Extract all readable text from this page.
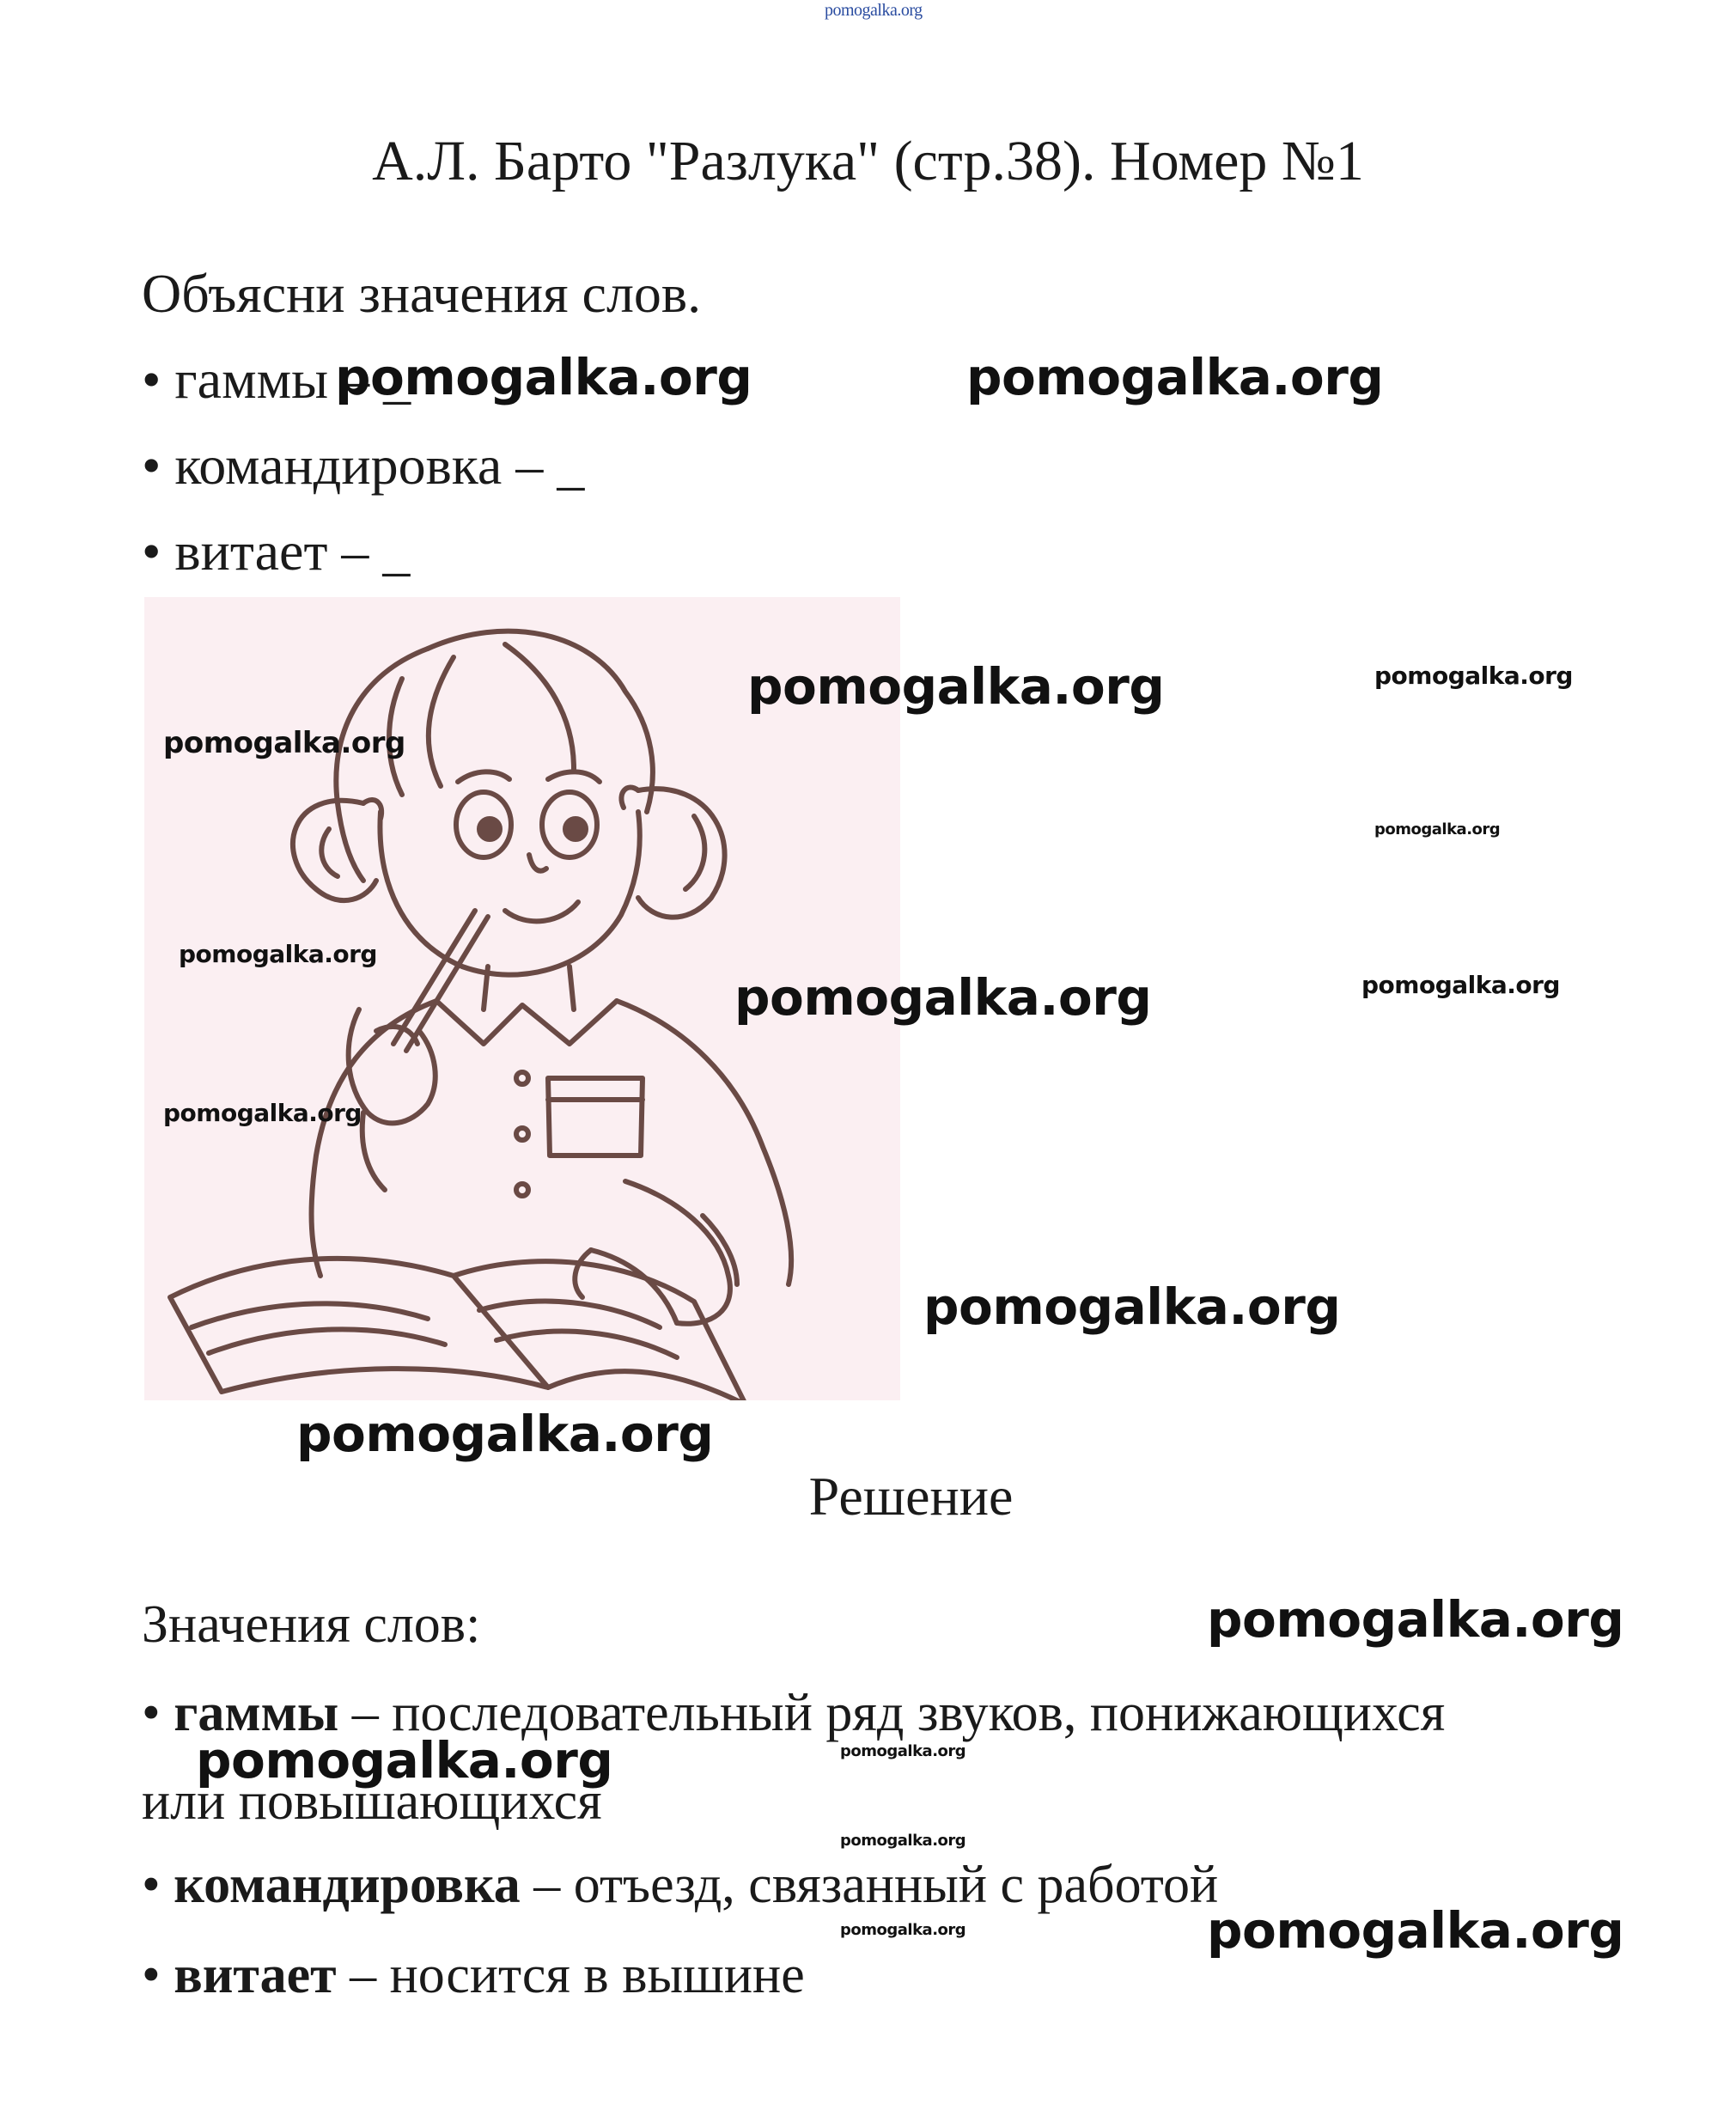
pomogalka.org
А.Л. Барто "Разлука" (стр.38). Номер №1
Объясни значения слов.
• гаммы – _
• командировка – _
• витает – _
pomogalka.org	pomogalka.org
pomogalka.org	pomogalka.org
pomogalka.org
pomogalka.org
pomogalka.org
pomogalka.org	pomogalka.org
pomogalka.org
pomogalka.org
pomogalka.org
Решение
Значения слов:	pomogalka.org
• гаммы – последовательный ряд звуков, понижающихся
pomogalka.org	pomogalka.org
или повышающихся
pomogalka.org
• командировка – отъезд, связанный с работой
pomogalka.org	pomogalka.org
• витает – носится в вышине
